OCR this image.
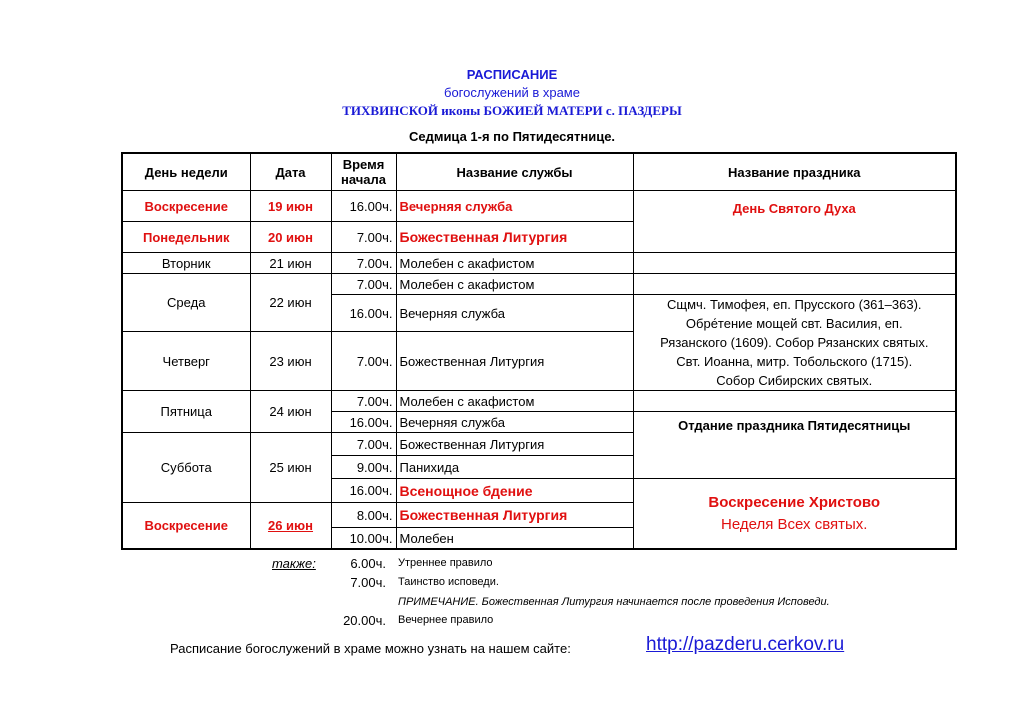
РАСПИСАНИЕ
богослужений в храме
ТИХВИНСКОЙ иконы БОЖИЕЙ МАТЕРИ с. ПАЗДЕРЫ
Седмица 1-я по Пятидесятнице.
День недели	Дата	Время начала	Название службы	Название праздника
Воскресение	19 июн	16.00ч.	Вечерняя служба	День Святого Духа
Понедельник	20 июн	7.00ч.	Божественная Литургия	
Вторник	21 июн	7.00ч.	Молебен с акафистом	
Среда	22 июн	7.00ч.	Молебен с акафистом	
		16.00ч.	Вечерняя служба	Сщмч. Тимофея, еп. Прусского (361–363).
Обре́тение мощей свт. Василия, еп.
Рязанского (1609). Собор Рязанских святых.
Свт. Иоанна, митр. Тобольского (1715).
Собор Сибирских святых.

Четверг	23 июн	7.00ч.	Божественная Литургия	
Пятница	24 июн	7.00ч.	Молебен с акафистом	
		16.00ч.	Вечерняя служба	Отдание праздника Пятидесятницы
Суббота	25 июн	7.00ч.	Божественная Литургия	
		9.00ч.	Панихида	
		16.00ч.	Всенощное бдение	Воскресение Христово
Неделя Всех святых.

Воскресение	26 июн	8.00ч.	Божественная Литургия	
		10.00ч.	Молебен	
также:	6.00ч. Утреннее правило
7.00ч. Таинство исповеди.
ПРИМЕЧАНИЕ. Божественная Литургия начинается после проведения Исповеди.
20.00ч. Вечернее правило
Расписание богослужений в храме можно узнать на нашем сайте:	http://pazderu.cerkov.ru
